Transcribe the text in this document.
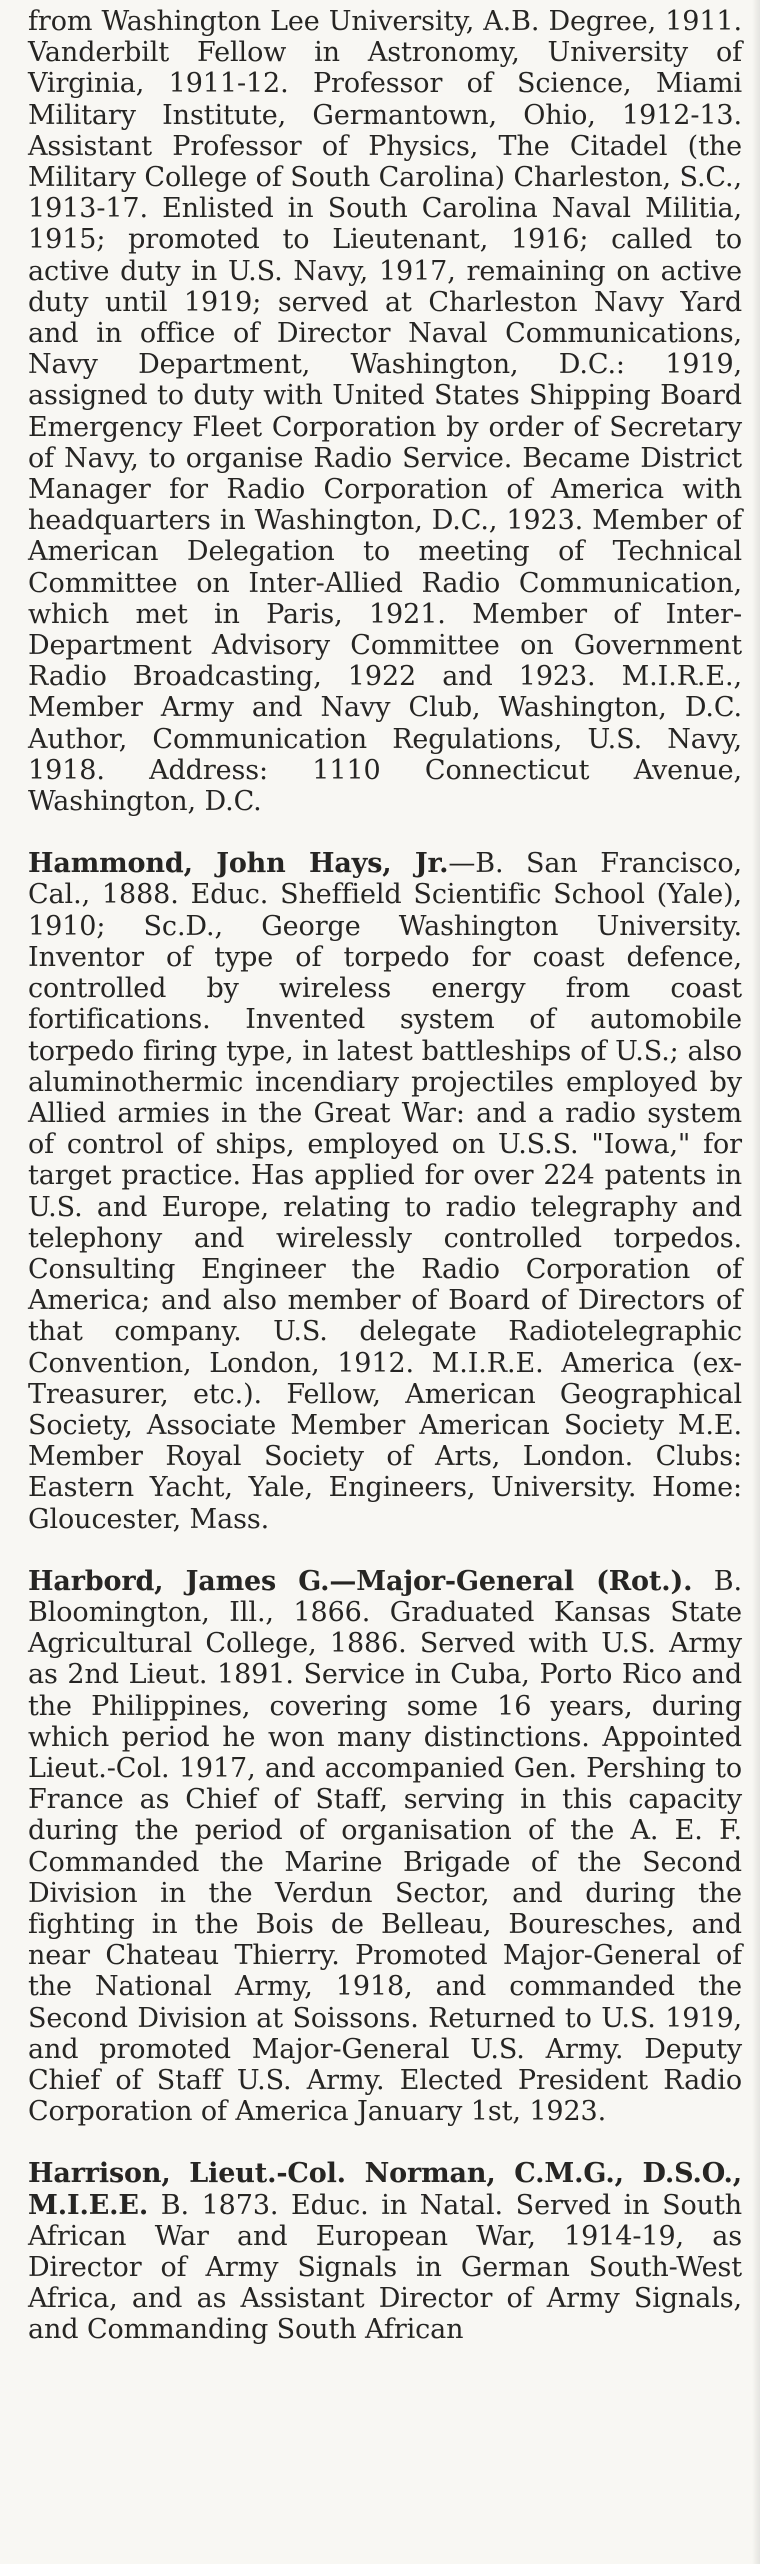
from Washington Lee University, A.B. Degree, 1911. Vanderbilt Fellow in Astronomy, University of Virginia, 1911-12. Professor of Science, Miami Military Institute, Germantown, Ohio, 1912-13. Assistant Professor of Physics, The Citadel (the Military College of South Carolina) Charleston, S.C., 1913-17. Enlisted in South Carolina Naval Militia, 1915; promoted to Lieutenant, 1916; called to active duty in U.S. Navy, 1917, remaining on active duty until 1919; served at Charleston Navy Yard and in office of Director Naval Communications, Navy Department, Washington, D.C.: 1919, assigned to duty with United States Shipping Board Emergency Fleet Corporation by order of Secretary of Navy, to organise Radio Service. Became District Manager for Radio Corporation of America with headquarters in Washington, D.C., 1923. Member of American Delegation to meeting of Technical Committee on Inter-Allied Radio Communication, which met in Paris, 1921. Member of Inter-Department Advisory Committee on Government Radio Broadcasting, 1922 and 1923. M.I.R.E., Member Army and Navy Club, Washington, D.C. Author, Communication Regulations, U.S. Navy, 1918. Address: 1110 Connecticut Avenue, Washington, D.C.

Hammond, John Hays, Jr.—B. San Francisco, Cal., 1888. Educ. Sheffield Scientific School (Yale), 1910; Sc.D., George Washington University. Inventor of type of torpedo for coast defence, controlled by wireless energy from coast fortifications. Invented system of automobile torpedo firing type, in latest battleships of U.S.; also aluminothermic incendiary projectiles employed by Allied armies in the Great War: and a radio system of control of ships, employed on U.S.S. "Iowa," for target practice. Has applied for over 224 patents in U.S. and Europe, relating to radio telegraphy and telephony and wirelessly controlled torpedos. Consulting Engineer the Radio Corporation of America; and also member of Board of Directors of that company. U.S. delegate Radiotelegraphic Convention, London, 1912. M.I.R.E. America (ex-Treasurer, etc.). Fellow, American Geographical Society, Associate Member American Society M.E. Member Royal Society of Arts, London. Clubs: Eastern Yacht, Yale, Engineers, University. Home: Gloucester, Mass.

Harbord, James G.—Major-General (Rot.). B. Bloomington, Ill., 1866. Graduated Kansas State Agricultural College, 1886. Served with U.S. Army as 2nd Lieut. 1891. Service in Cuba, Porto Rico and the Philippines, covering some 16 years, during which period he won many distinctions. Appointed Lieut.-Col. 1917, and accompanied Gen. Pershing to France as Chief of Staff, serving in this capacity during the period of organisation of the A. E. F. Commanded the Marine Brigade of the Second Division in the Verdun Sector, and during the fighting in the Bois de Belleau, Bouresches, and near Chateau Thierry. Promoted Major-General of the National Army, 1918, and commanded the Second Division at Soissons. Returned to U.S. 1919, and promoted Major-General U.S. Army. Deputy Chief of Staff U.S. Army. Elected President Radio Corporation of America January 1st, 1923.

Harrison, Lieut.-Col. Norman, C.M.G., D.S.O., M.I.E.E. B. 1873. Educ. in Natal. Served in South African War and European War, 1914-19, as Director of Army Signals in German South-West Africa, and as Assistant Director of Army Signals, and Commanding South African
